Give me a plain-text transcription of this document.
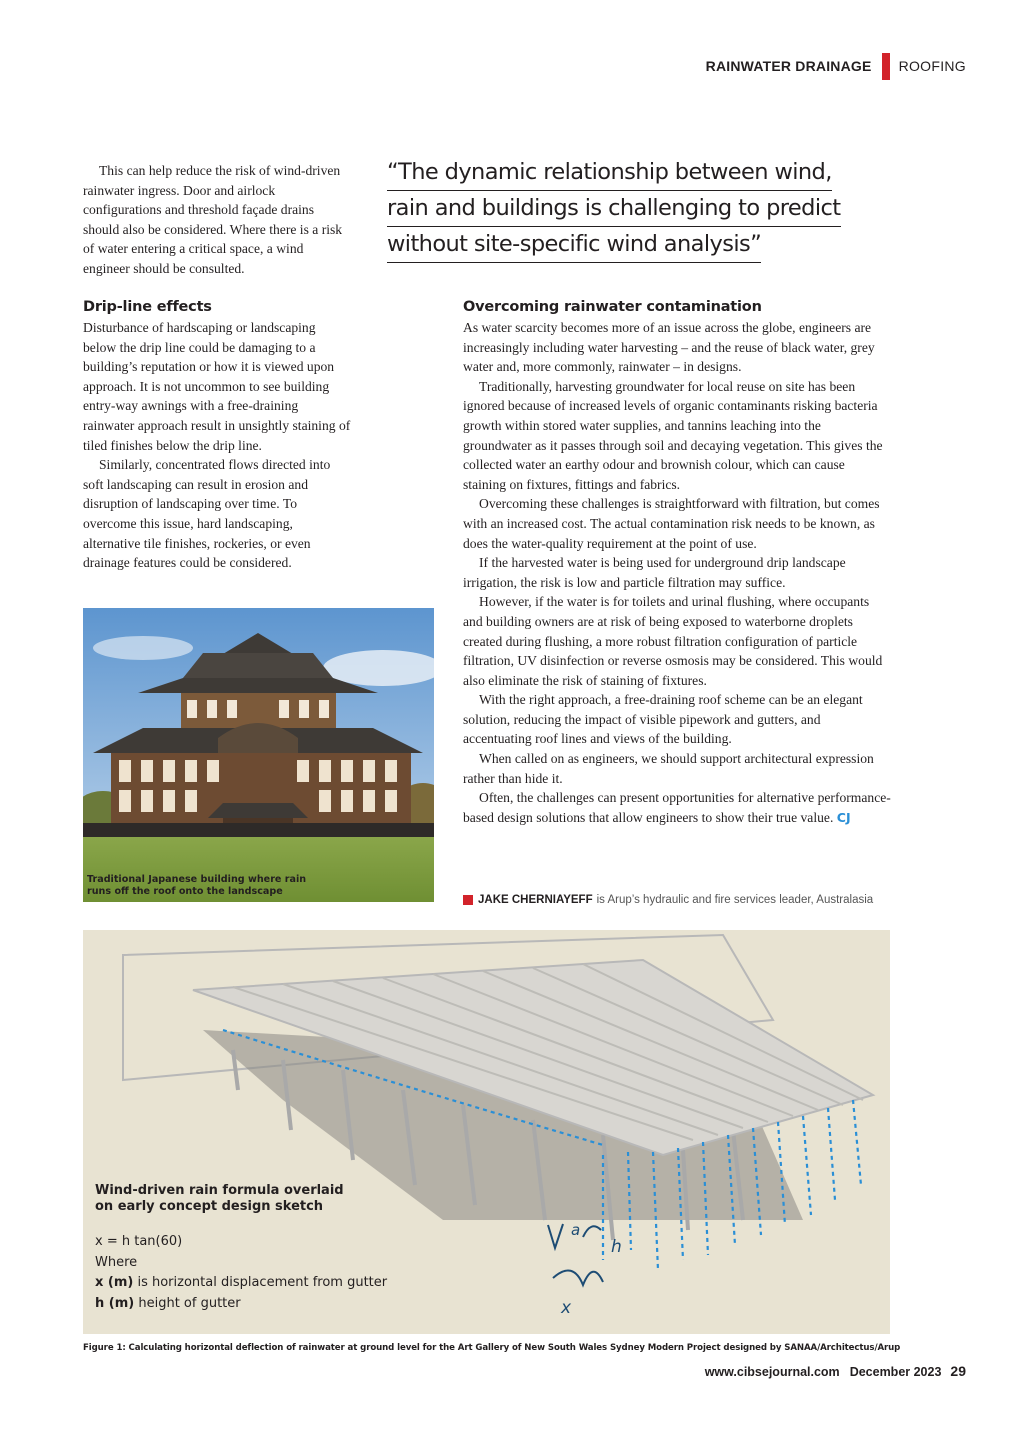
RAINWATER DRAINAGE ROOFING

This can help reduce the risk of wind-driven rainwater ingress. Door and airlock configurations and threshold façade drains should also be considered. Where there is a risk of water entering a critical space, a wind engineer should be consulted.

“The dynamic relationship between wind,
rain and buildings is challenging to predict
without site-specific wind analysis”
Drip-line effects

Disturbance of hardscaping or landscaping below the drip line could be damaging to a building’s reputation or how it is viewed upon approach. It is not uncommon to see building entry-way awnings with a free-draining rainwater approach result in unsightly staining of tiled finishes below the drip line.

Similarly, concentrated flows directed into soft landscaping can result in erosion and disruption of landscaping over time. To overcome this issue, hard landscaping, alternative tile finishes, rockeries, or even drainage features could be considered.

Overcoming rainwater contamination

As water scarcity becomes more of an issue across the globe, engineers are increasingly including water harvesting – and the reuse of black water, grey water and, more commonly, rainwater – in designs.

Traditionally, harvesting groundwater for local reuse on site has been ignored because of increased levels of organic contaminants risking bacteria growth within stored water supplies, and tannins leaching into the groundwater as it passes through soil and decaying vegetation. This gives the collected water an earthy odour and brownish colour, which can cause staining on fixtures, fittings and fabrics.

Overcoming these challenges is straightforward with filtration, but comes with an increased cost. The actual contamination risk needs to be known, as does the water-quality requirement at the point of use.

If the harvested water is being used for underground drip landscape irrigation, the risk is low and particle filtration may suffice.

However, if the water is for toilets and urinal flushing, where occupants and building owners are at risk of being exposed to waterborne droplets created during flushing, a more robust filtration configuration of particle filtration, UV disinfection or reverse osmosis may be considered. This would also eliminate the risk of staining of fixtures.

With the right approach, a free-draining roof scheme can be an elegant solution, reducing the impact of visible pipework and gutters, and accentuating roof lines and views of the building.

When called on as engineers, we should support architectural expression rather than hide it.

Often, the challenges can present opportunities for alternative performance-based design solutions that allow engineers to show their true value. CJ

JAKE CHERNIAYEFF is Arup’s hydraulic and fire services leader, Australasia
Traditional Japanese building where rain runs off the roof onto the landscape
a
h
x
Wind-driven rain formula overlaid on early concept design sketch
x = h tan(60)
Where
x (m) is horizontal displacement from gutter
h (m) height of gutter
Figure 1: Calculating horizontal deflection of rainwater at ground level for the Art Gallery of New South Wales Sydney Modern Project designed by SANAA/Architectus/Arup
www.cibsejournal.com December 2023 29
